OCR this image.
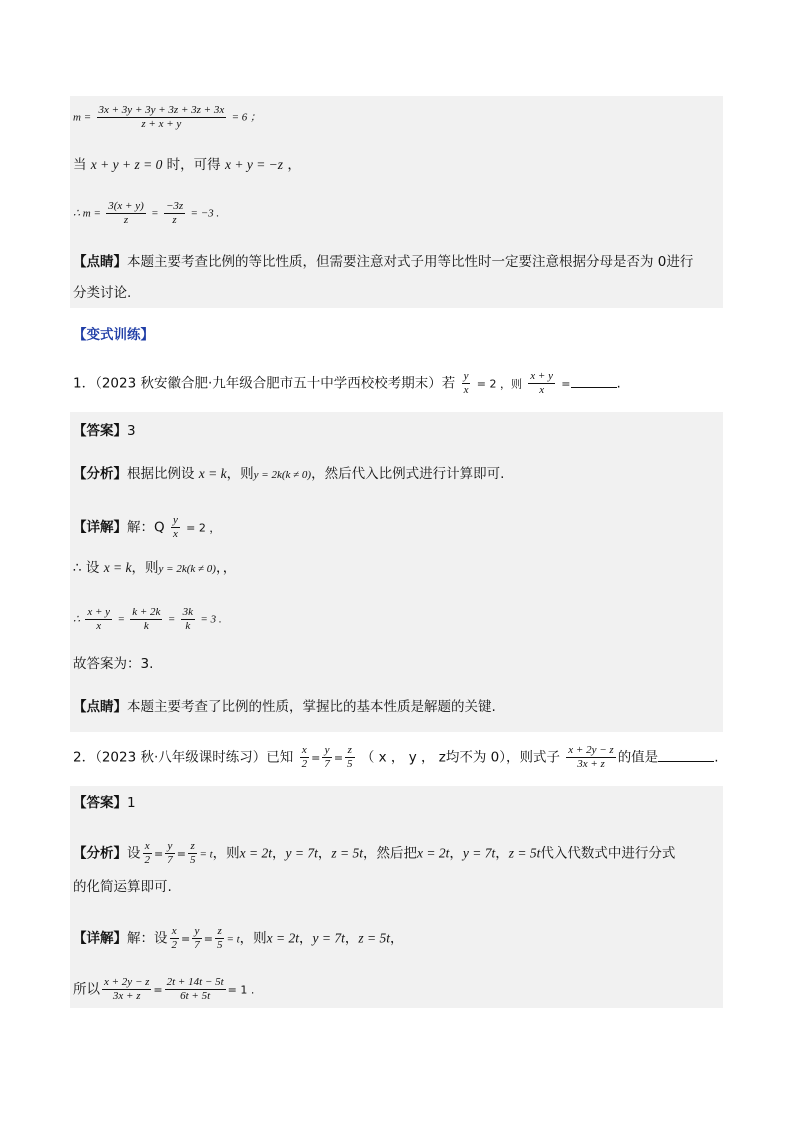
$m = \frac{3x + 3y + 3y + 3z + 3z + 3x}{z + x + y} = 6$ ；
当 x + y + z = 0 时，可得 x + y = −z ，
∴ $m = \frac{3(x + y)}{z} = \frac{-3z}{z} = -3$ .
【点睛】本题主要考查比例的等比性质，但需要注意对式子用等比性时一定要注意根据分母是否为 0进行
分类讨论.
【变式训练】
1．（2023 秋安徽合肥·九年级合肥市五十中学西校校考期末）若 $\frac{y}{x} = 2$ ，则 $\frac{x + y}{x}$ =	.
【答案】3
【分析】根据比例设 x = k，则y = 2k(k ≠ 0)，然后代入比例式进行计算即可.
【详解】解：Q $\frac{y}{x} = 2$ ，
∴ 设 x = k，则y = 2k(k ≠ 0)，，
∴ $\frac{x + y}{x} = \frac{k + 2k}{k} = \frac{3k}{k} = 3$ .
故答案为：3.
【点睛】本题主要考查了比例的性质，掌握比的基本性质是解题的关键.
2．（2023 秋·八年级课时练习）已知 $\frac{x}{2} = \frac{y}{7} = \frac{z}{5}$ （ x ， y ， z均不为 0），则式子 $\frac{x + 2y - z}{3x + z}$ 的值是	.
【答案】1
【分析】设 $\frac{x}{2} = \frac{y}{7} = \frac{z}{5} = t$，则x = 2t，y = 7t，z = 5t，然后把x = 2t，y = 7t，z = 5t代入代数式中进行分式
的化简运算即可.
【详解】解：设 $\frac{x}{2} = \frac{y}{7} = \frac{z}{5} = t$，则x = 2t，y = 7t，z = 5t，
所以 $\frac{x + 2y - z}{3x + z} = \frac{2t + 14t - 5t}{6t + 5t} = 1$ .
